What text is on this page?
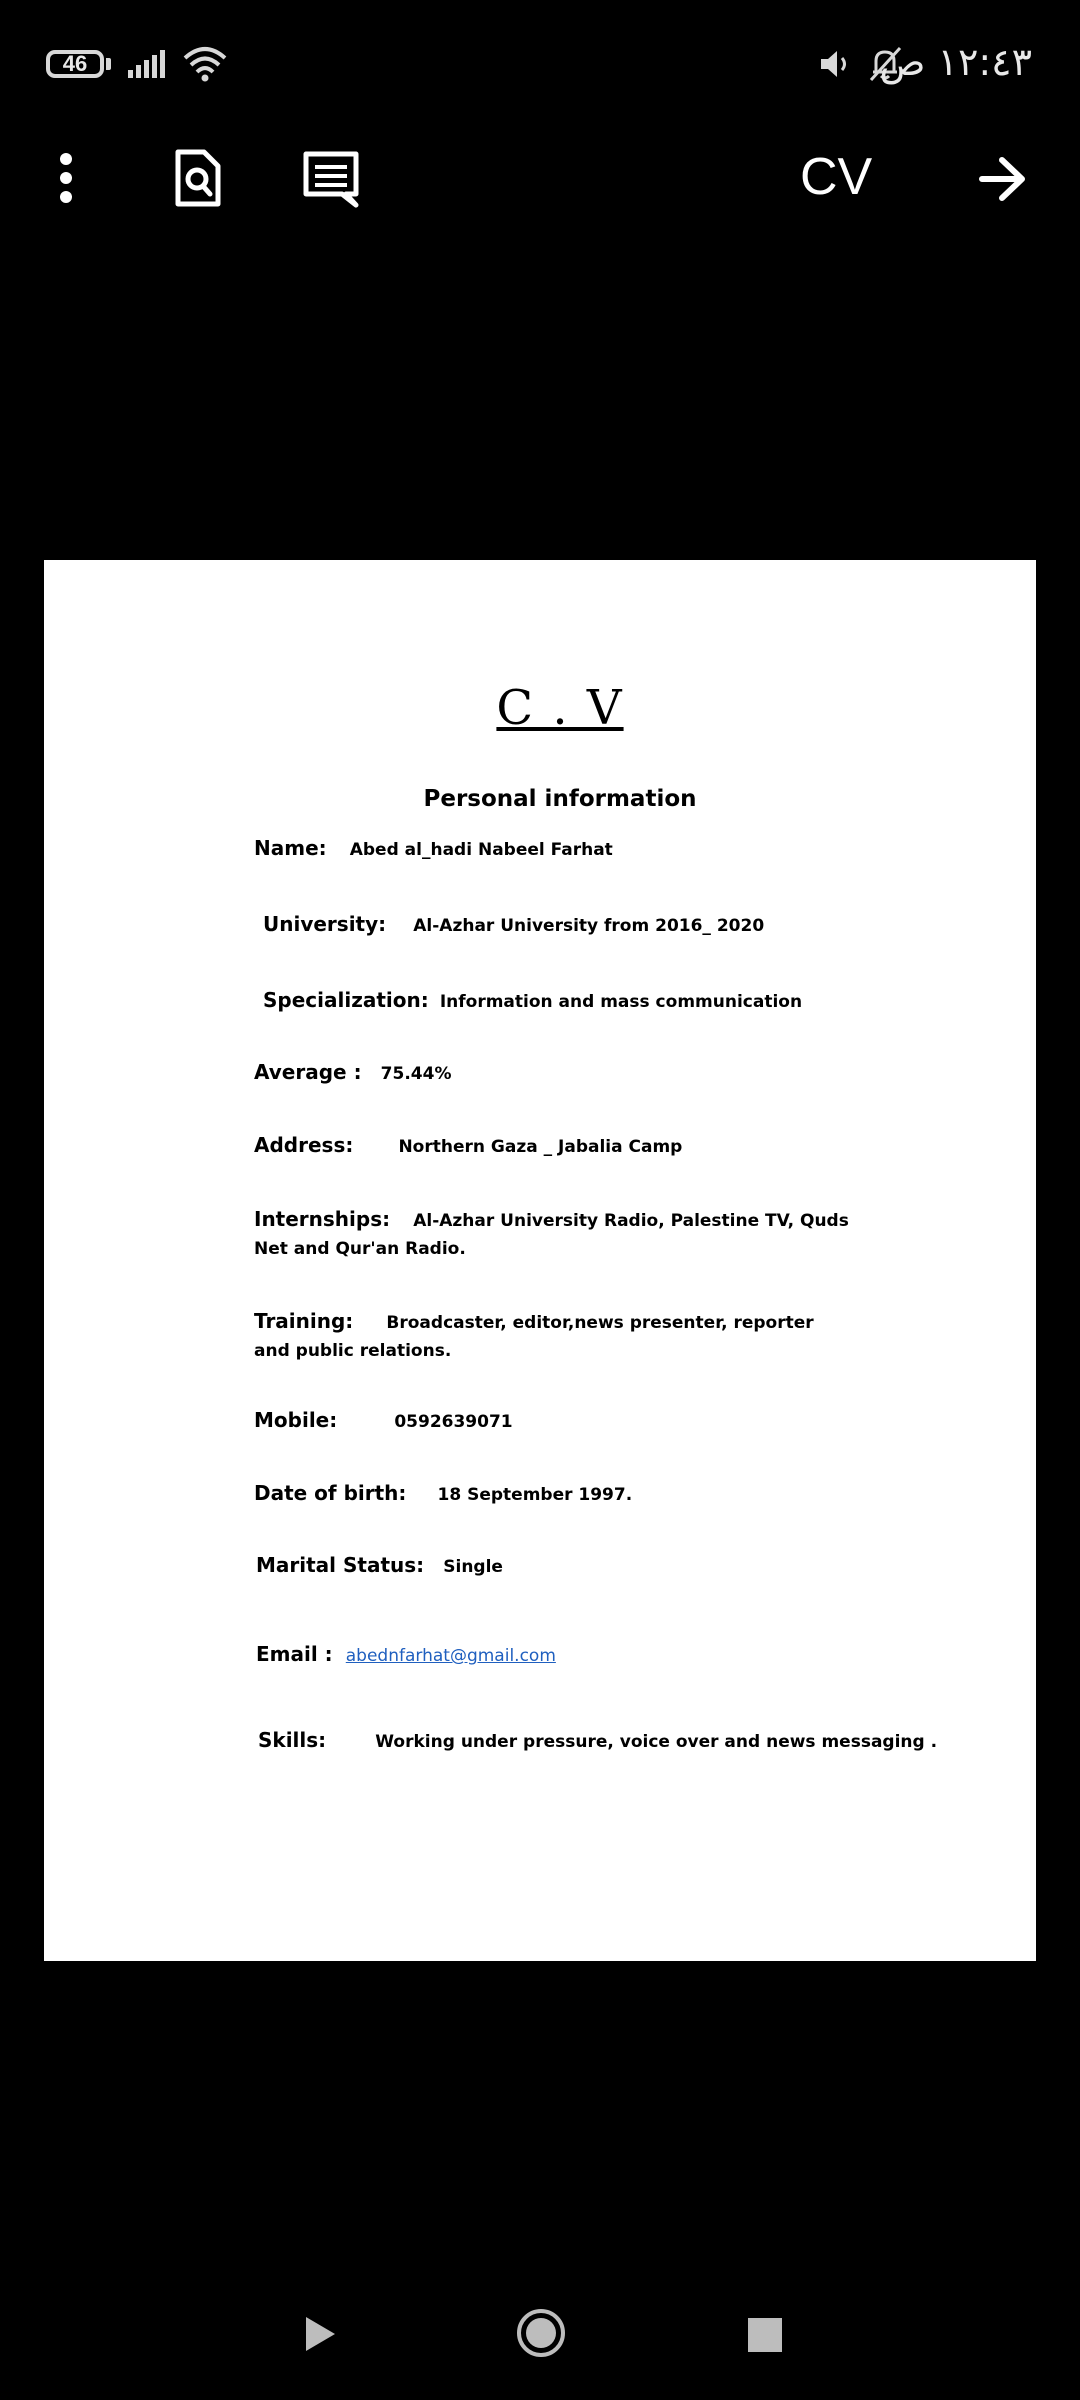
46	١٢:٤٣ ص
CV
C . V
Personal information
Name: Abed al_hadi Nabeel Farhat
University: Al-Azhar University from 2016_ 2020
Specialization: Information and mass communication
Average : 75.44%
Address:	Northern Gaza _ Jabalia Camp
Internships: Al-Azhar University Radio, Palestine TV, Quds Net and Qur'an Radio.
Training: Broadcaster, editor,news presenter, reporter and public relations.
Mobile:	0592639071
Date of birth: 18 September 1997.
Marital Status: Single
Email : abednfarhat@gmail.com
Skills:	Working under pressure, voice over and news messaging .
